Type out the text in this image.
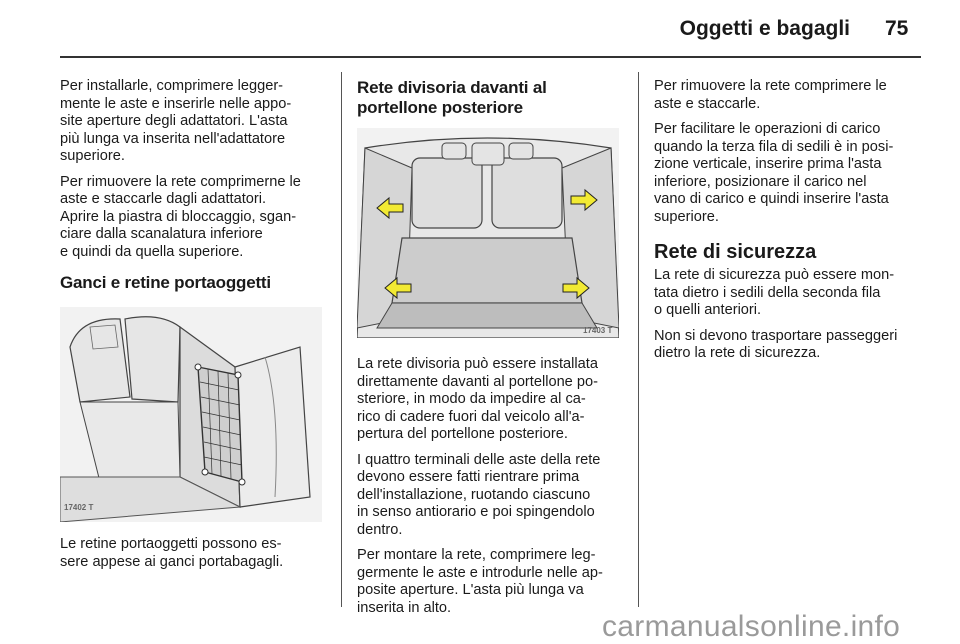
Oggetti e bagagli 75

Per installarle, comprimere legger-
mente le aste e inserirle nelle appo-
site aperture degli adattatori. L'asta
più lunga va inserita nell'adattatore
superiore.

Per rimuovere la rete comprimerne le
aste e staccarle dagli adattatori.
Aprire la piastra di bloccaggio, sgan-
ciare dalla scanalatura inferiore
e quindi da quella superiore.

Ganci e retine portaoggetti
17402 T

Le retine portaoggetti possono es-
sere appese ai ganci portabagagli.

Rete divisoria davanti al
portellone posteriore
17403 T

La rete divisoria può essere installata
direttamente davanti al portellone po-
steriore, in modo da impedire al ca-
rico di cadere fuori dal veicolo all'a-
pertura del portellone posteriore.

I quattro terminali delle aste della rete
devono essere fatti rientrare prima
dell'installazione, ruotando ciascuno
in senso antiorario e poi spingendolo
dentro.

Per montare la rete, comprimere leg-
germente le aste e introdurle nelle ap-
posite aperture. L'asta più lunga va
inserita in alto.

Per rimuovere la rete comprimere le
aste e staccarle.

Per facilitare le operazioni di carico
quando la terza fila di sedili è in posi-
zione verticale, inserire prima l'asta
inferiore, posizionare il carico nel
vano di carico e quindi inserire l'asta
superiore.

Rete di sicurezza

La rete di sicurezza può essere mon-
tata dietro i sedili della seconda fila
o quelli anteriori.

Non si devono trasportare passeggeri
dietro la rete di sicurezza.

carmanualsonline.info
